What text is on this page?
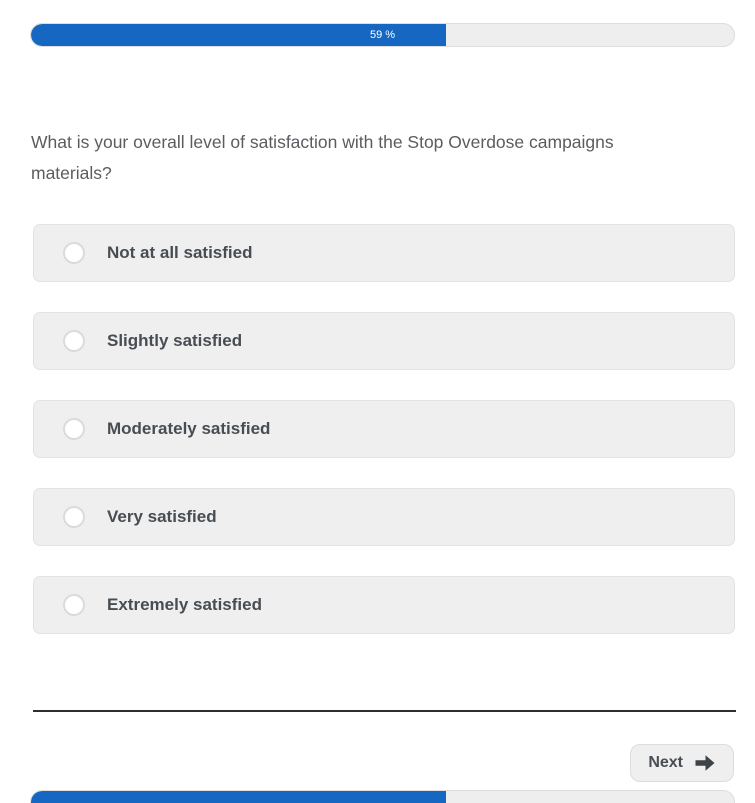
59 %
What is your overall level of satisfaction with the Stop Overdose campaigns materials?
Not at all satisfied
Slightly satisfied
Moderately satisfied
Very satisfied
Extremely satisfied
Next
